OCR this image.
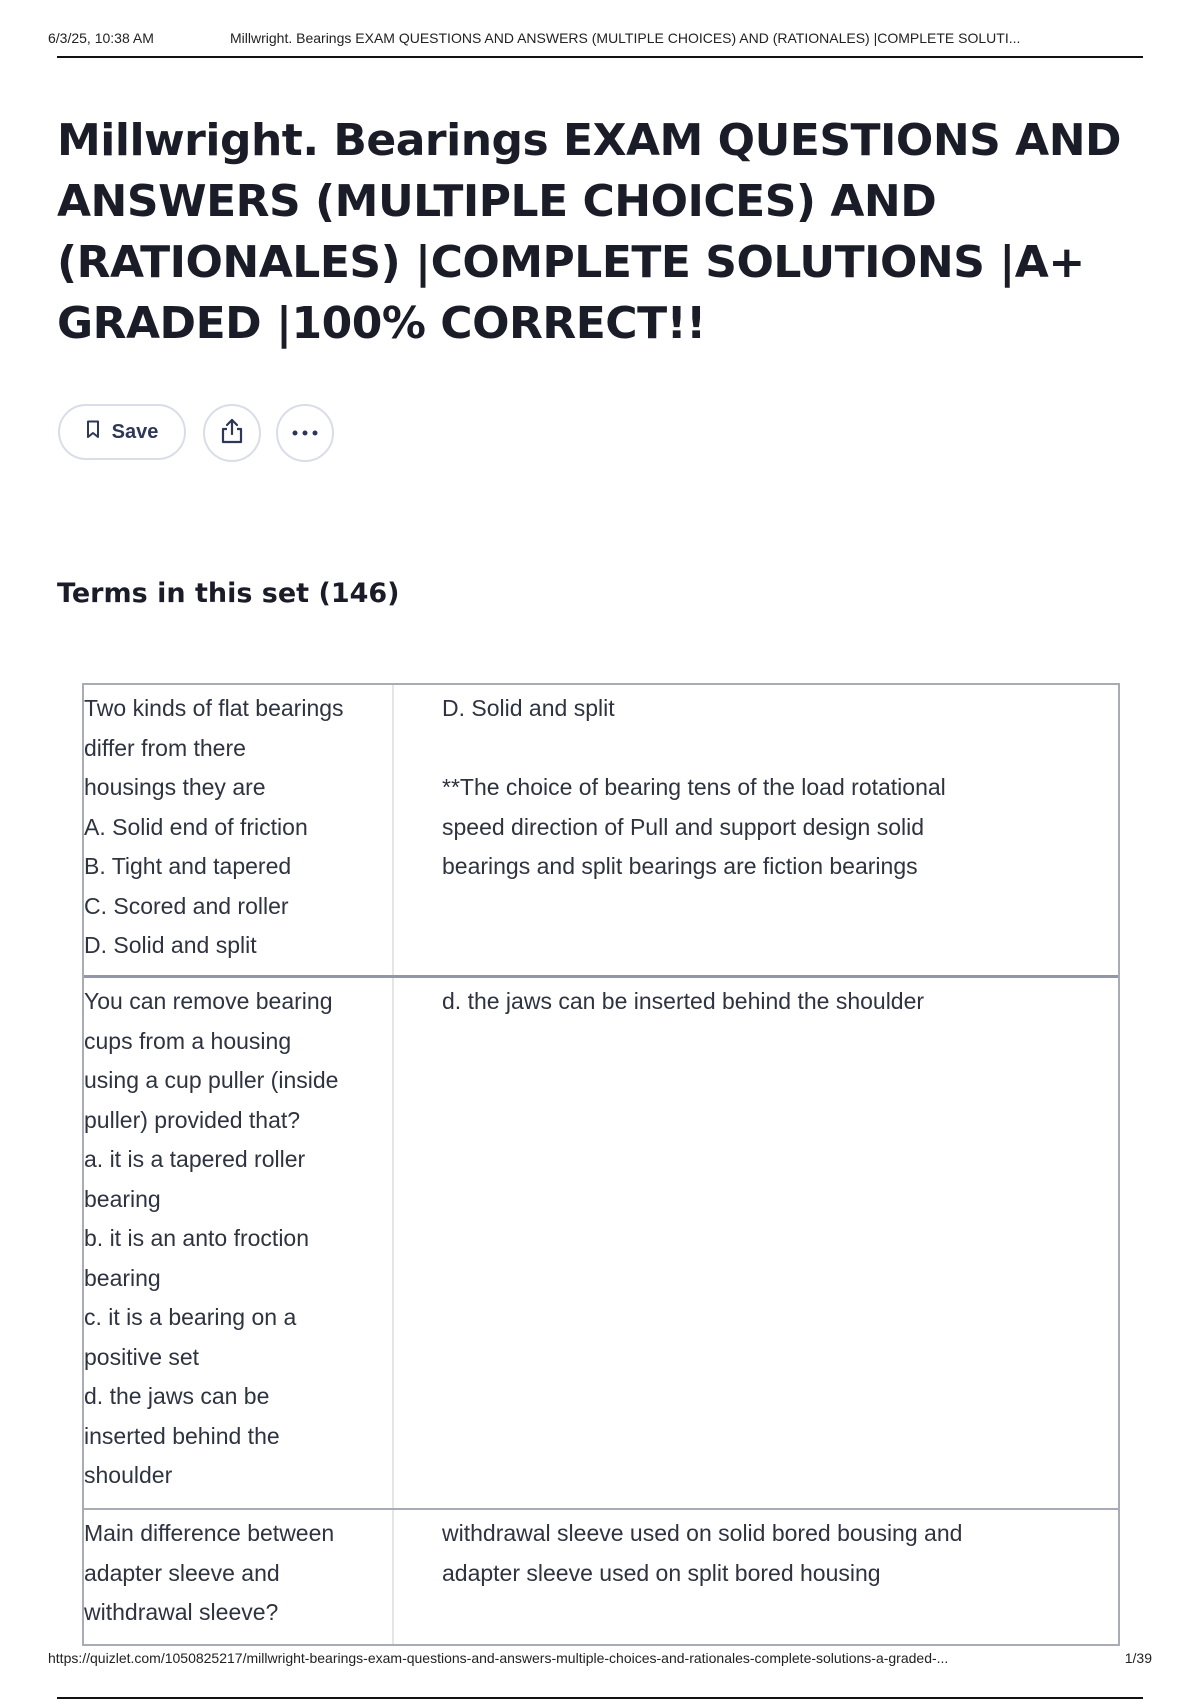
6/3/25, 10:38 AM	Millwright. Bearings EXAM QUESTIONS AND ANSWERS (MULTIPLE CHOICES) AND (RATIONALES) |COMPLETE SOLUTI...
Millwright. Bearings EXAM QUESTIONS AND
ANSWERS (MULTIPLE CHOICES) AND
(RATIONALES) |COMPLETE SOLUTIONS |A+
GRADED |100% CORRECT!!
Save
Terms in this set (146)
Two kinds of flat bearings
differ from there
housings they are
A. Solid end of friction
B. Tight and tapered
C. Scored and roller
D. Solid and split
D. Solid and split
**The choice of bearing tens of the load rotational
speed direction of Pull and support design solid
bearings and split bearings are fiction bearings
You can remove bearing
cups from a housing
using a cup puller (inside
puller) provided that?
a. it is a tapered roller
bearing
b. it is an anto froction
bearing
c. it is a bearing on a
positive set
d. the jaws can be
inserted behind the
shoulder
d. the jaws can be inserted behind the shoulder
Main difference between
adapter sleeve and
withdrawal sleeve?
withdrawal sleeve used on solid bored bousing and
adapter sleeve used on split bored housing
https://quizlet.com/1050825217/millwright-bearings-exam-questions-and-answers-multiple-choices-and-rationales-complete-solutions-a-graded-...	1/39
